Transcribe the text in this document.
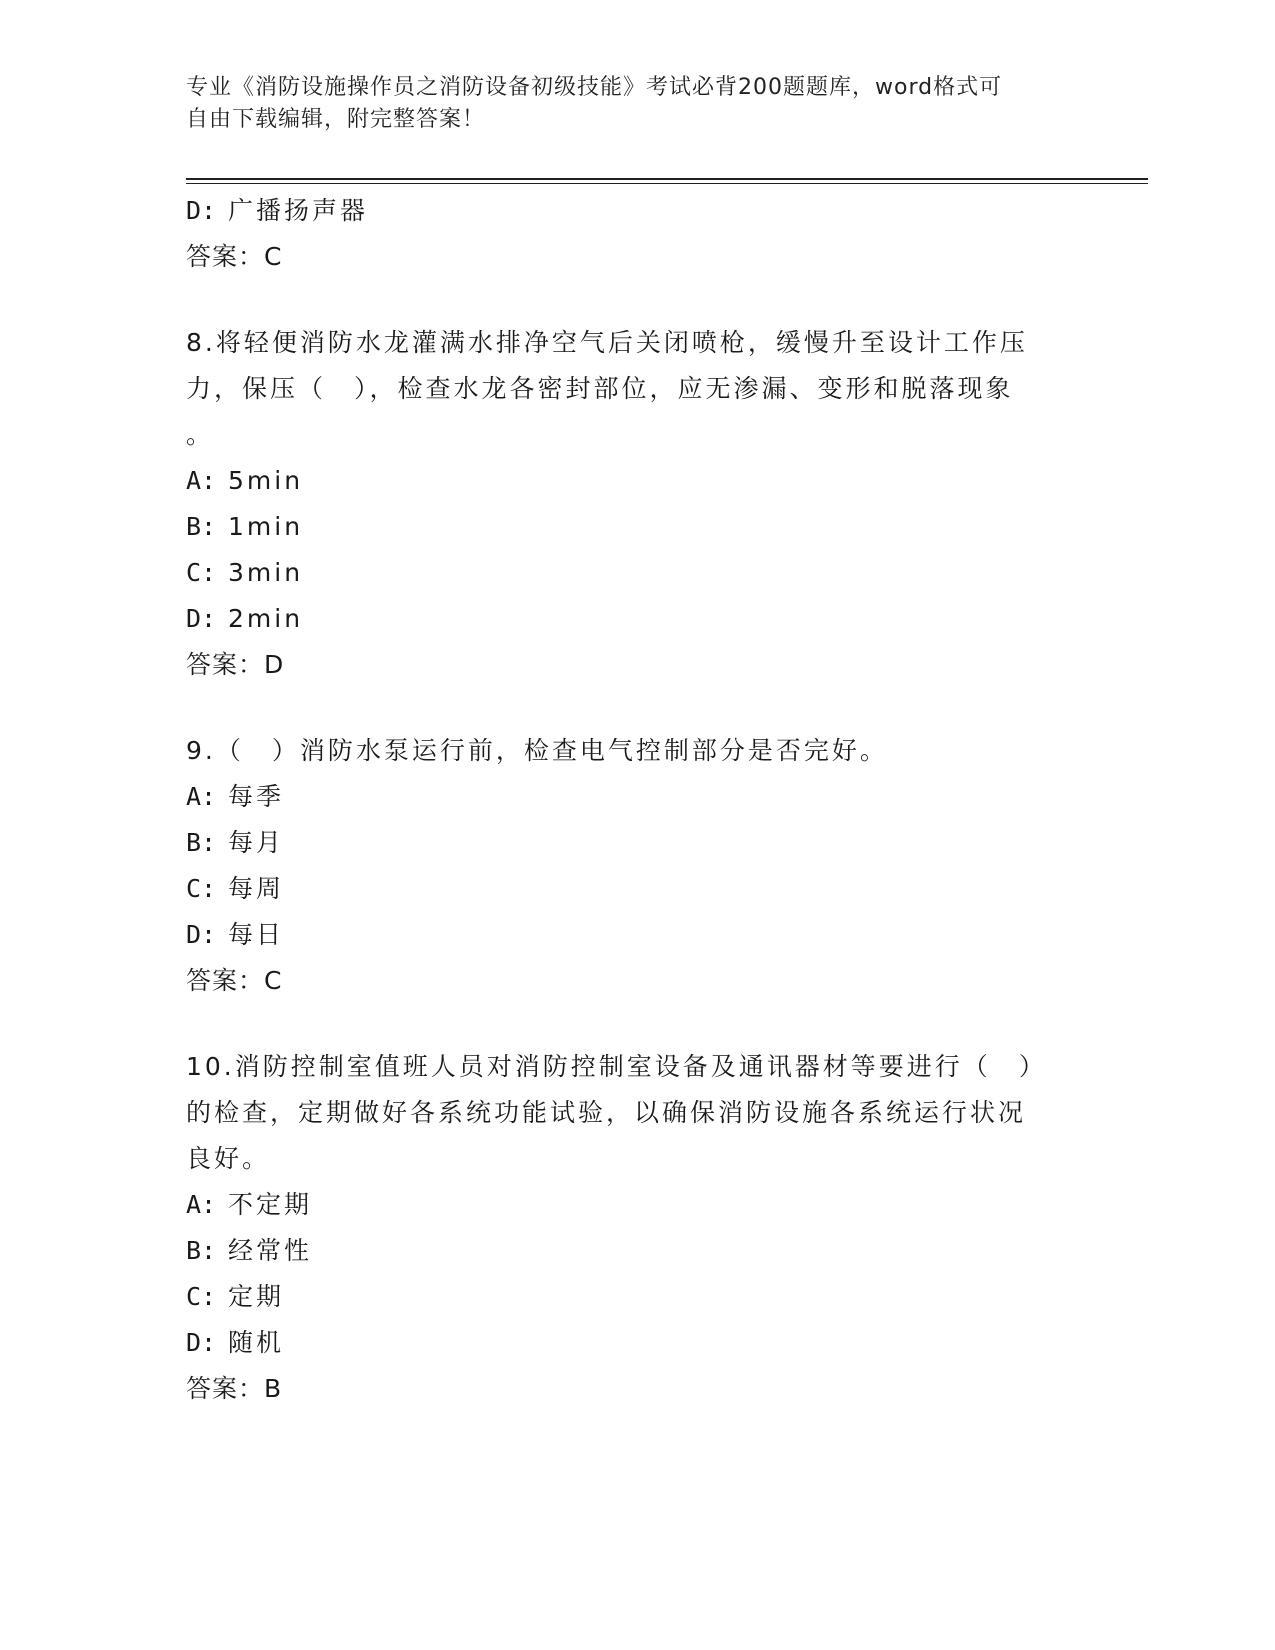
专业《消防设施操作员之消防设备初级技能》考试必背200题题库，word格式可
自由下载编辑，附完整答案！
D: 广播扬声器
答案：C
8.将轻便消防水龙灌满水排净空气后关闭喷枪，缓慢升至设计工作压
力，保压（　），检查水龙各密封部位，应无渗漏、变形和脱落现象
。
A: 5min
B: 1min
C: 3min
D: 2min
答案：D
9.（　）消防水泵运行前，检查电气控制部分是否完好。
A: 每季
B: 每月
C: 每周
D: 每日
答案：C
10.消防控制室值班人员对消防控制室设备及通讯器材等要进行（　）
的检查，定期做好各系统功能试验，以确保消防设施各系统运行状况
良好。
A: 不定期
B: 经常性
C: 定期
D: 随机
答案：B
